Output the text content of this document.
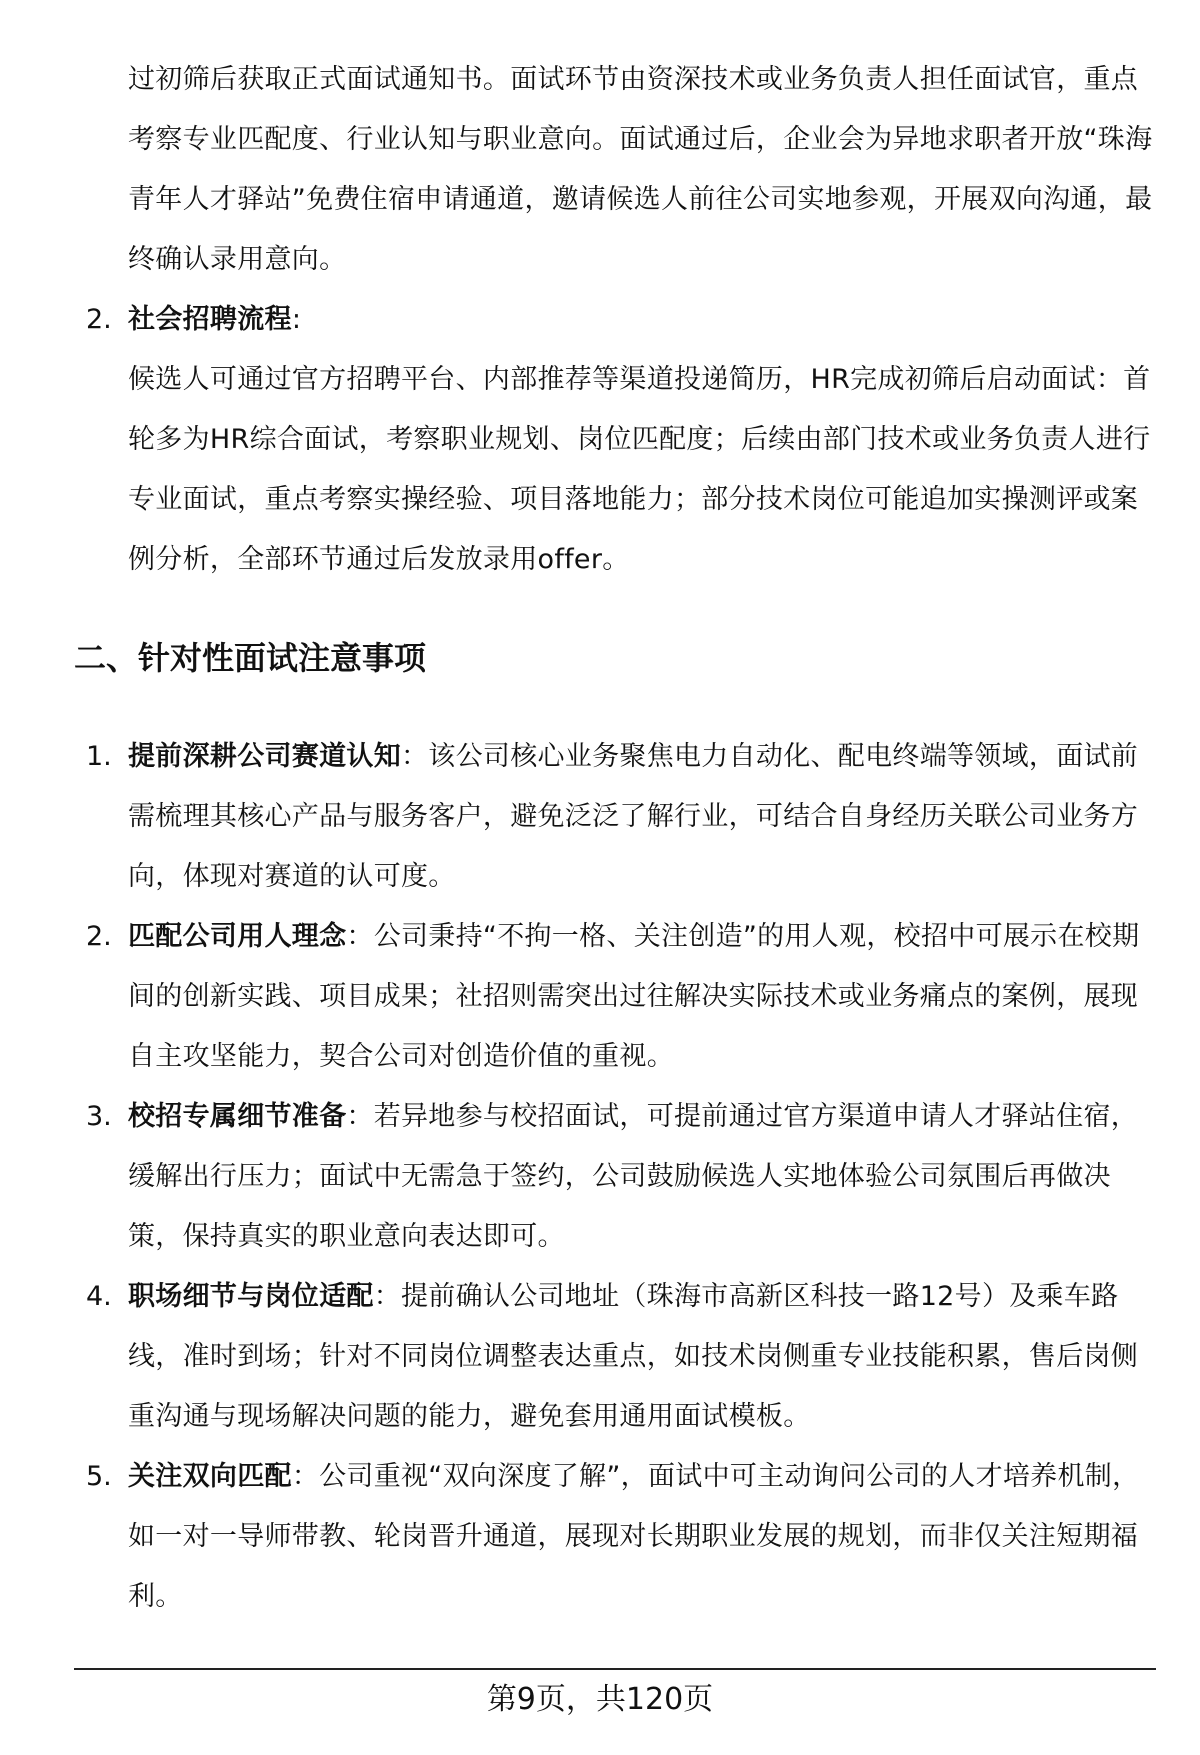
过初筛后获取正式面试通知书。面试环节由资深技术或业务负责人担任面试官，重点考察专业匹配度、行业认知与职业意向。面试通过后，企业会为异地求职者开放“珠海青年人才驿站”免费住宿申请通道，邀请候选人前往公司实地参观，开展双向沟通，最终确认录用意向。
2. 社会招聘流程:
候选人可通过官方招聘平台、内部推荐等渠道投递简历，HR完成初筛后启动面试：首轮多为HR综合面试，考察职业规划、岗位匹配度；后续由部门技术或业务负责人进行专业面试，重点考察实操经验、项目落地能力；部分技术岗位可能追加实操测评或案例分析，全部环节通过后发放录用offer。
二、针对性面试注意事项
1. 提前深耕公司赛道认知：该公司核心业务聚焦电力自动化、配电终端等领域，面试前需梳理其核心产品与服务客户，避免泛泛了解行业，可结合自身经历关联公司业务方向，体现对赛道的认可度。
2. 匹配公司用人理念：公司秉持“不拘一格、关注创造”的用人观，校招中可展示在校期间的创新实践、项目成果；社招则需突出过往解决实际技术或业务痛点的案例，展现自主攻坚能力，契合公司对创造价值的重视。
3. 校招专属细节准备：若异地参与校招面试，可提前通过官方渠道申请人才驿站住宿，缓解出行压力；面试中无需急于签约，公司鼓励候选人实地体验公司氛围后再做决策，保持真实的职业意向表达即可。
4. 职场细节与岗位适配：提前确认公司地址（珠海市高新区科技一路12号）及乘车路线，准时到场；针对不同岗位调整表达重点，如技术岗侧重专业技能积累，售后岗侧重沟通与现场解决问题的能力，避免套用通用面试模板。
5. 关注双向匹配：公司重视“双向深度了解”，面试中可主动询问公司的人才培养机制，如一对一导师带教、轮岗晋升通道，展现对长期职业发展的规划，而非仅关注短期福利。
第9页，共120页
